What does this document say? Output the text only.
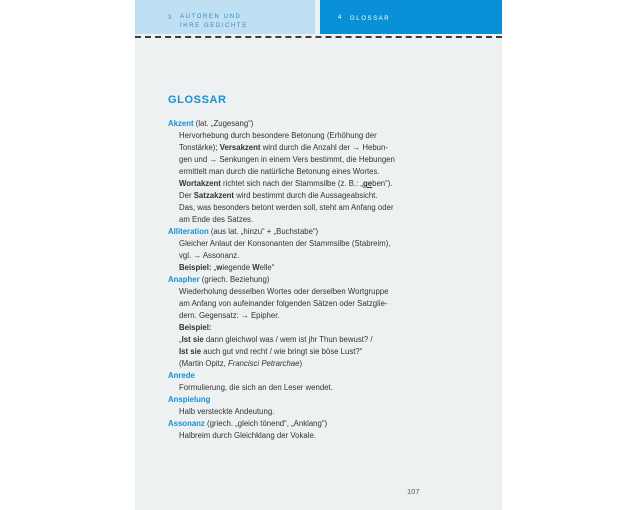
3 AUTOREN UND
IHRE GEDICHTE
4 GLOSSAR
GLOSSAR
Akzent (lat. „Zugesang“)
Hervorhebung durch besondere Betonung (Erhöhung der
Tonstärke); Versakzent wird durch die Anzahl der → Hebun-
gen und → Senkungen in einem Vers bestimmt, die Hebungen
ermittelt man durch die natürliche Betonung eines Wortes.
Wortakzent richtet sich nach der Stammsilbe (z. B.: „geben“).
Der Satzakzent wird bestimmt durch die Aussageabsicht.
Das, was besonders betont werden soll, steht am Anfang oder
am Ende des Satzes.
Alliteration (aus lat. „hinzu“ + „Buchstabe“)
Gleicher Anlaut der Konsonanten der Stammsilbe (Stabreim),
vgl. → Assonanz.
Beispiel: „wiegende Welle“
Anapher (griech. Beziehung)
Wiederholung desselben Wortes oder derselben Wortgruppe
am Anfang von aufeinander folgenden Sätzen oder Satzglie-
dern. Gegensatz: → Epipher.
Beispiel:
„Ist sie dann gleichwol was / wem ist jhr Thun bewust? /
Ist sie auch gut vnd recht / wie bringt sie böse Lust?“
(Martin Opitz, Francisci Petrarchae)
Anrede
Formulierung, die sich an den Leser wendet.
Anspielung
Halb versteckte Andeutung.
Assonanz (griech. „gleich tönend“, „Anklang“)
Halbreim durch Gleichklang der Vokale.
107
